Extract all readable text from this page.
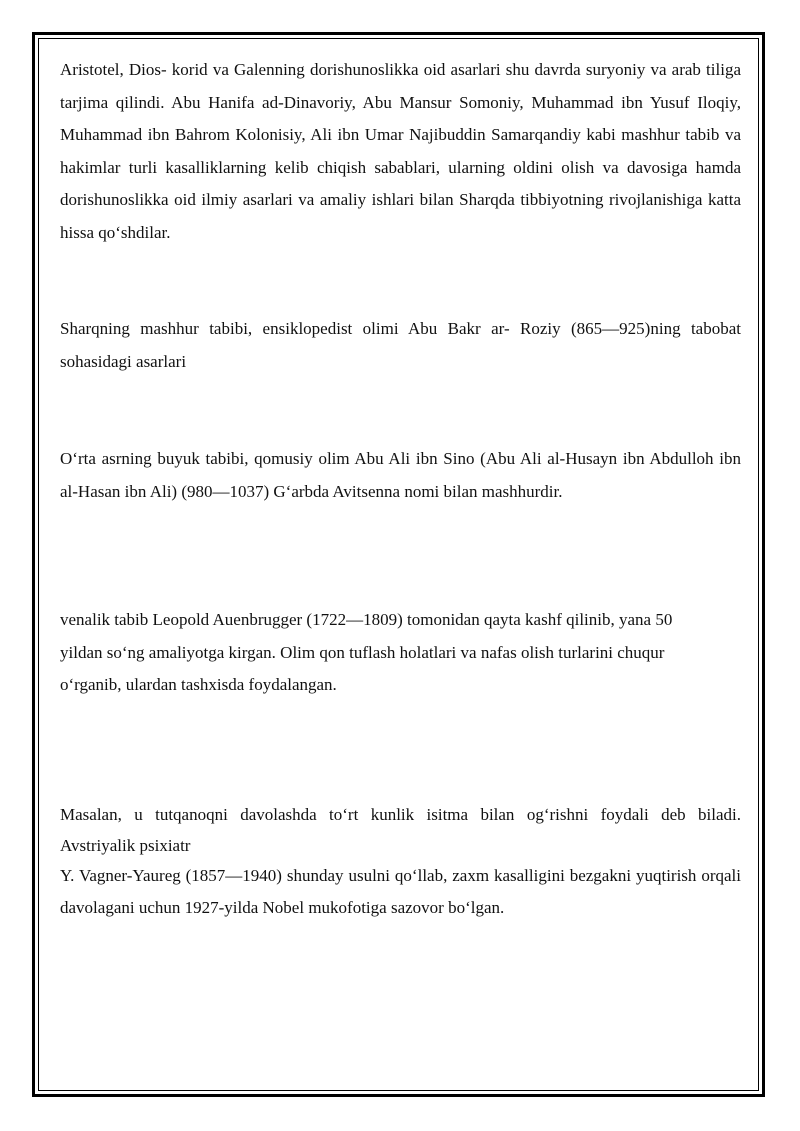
Aristotel, Dios- korid va Galenning dorishunoslikka oid asarlari shu davrda suryoniy va arab tiliga tarjima qilindi. Abu Hanifa ad-Dinavoriy, Abu Mansur Somoniy, Muhammad ibn Yusuf Iloqiy, Muhammad ibn Bahrom Kolonisiy, Ali ibn Umar Najibuddin Samarqandiy kabi mashhur tabib va hakimlar turli kasalliklarning kelib chiqish sabablari, ularning oldini olish va davosiga hamda dorishunoslikka oid ilmiy asarlari va amaliy ishlari bilan Sharqda tibbiyotning rivojlanishiga katta hissa qo‘shdilar.

Sharqning mashhur tabibi, ensiklopedist olimi Abu Bakr ar- Roziy (865—925)ning tabobat sohasidagi asarlari

O‘rta asrning buyuk tabibi, qomusiy olim Abu Ali ibn Sino (Abu Ali al-Husayn ibn Abdulloh ibn al-Hasan ibn Ali) (980—1037) G‘arbda Avitsenna nomi bilan mashhurdir.

venalik tabib Leopold Auenbrugger (1722—1809) tomonidan qayta kashf qilinib, yana 50
yildan so‘ng amaliyotga kirgan. Olim qon tuflash holatlari va nafas olish turlarini chuqur
o‘rganib, ulardan tashxisda foydalangan.
Masalan, u tutqanoqni davolashda to‘rt kunlik isitma bilan og‘rishni foydali deb biladi.
Avstriyalik psixiatr
Y. Vagner-Yaureg (1857—1940) shunday usulni qo‘llab, zaxm kasalligini bezgakni yuqtirish orqali davolagani uchun 1927-yilda Nobel mukofotiga sazovor bo‘lgan.
